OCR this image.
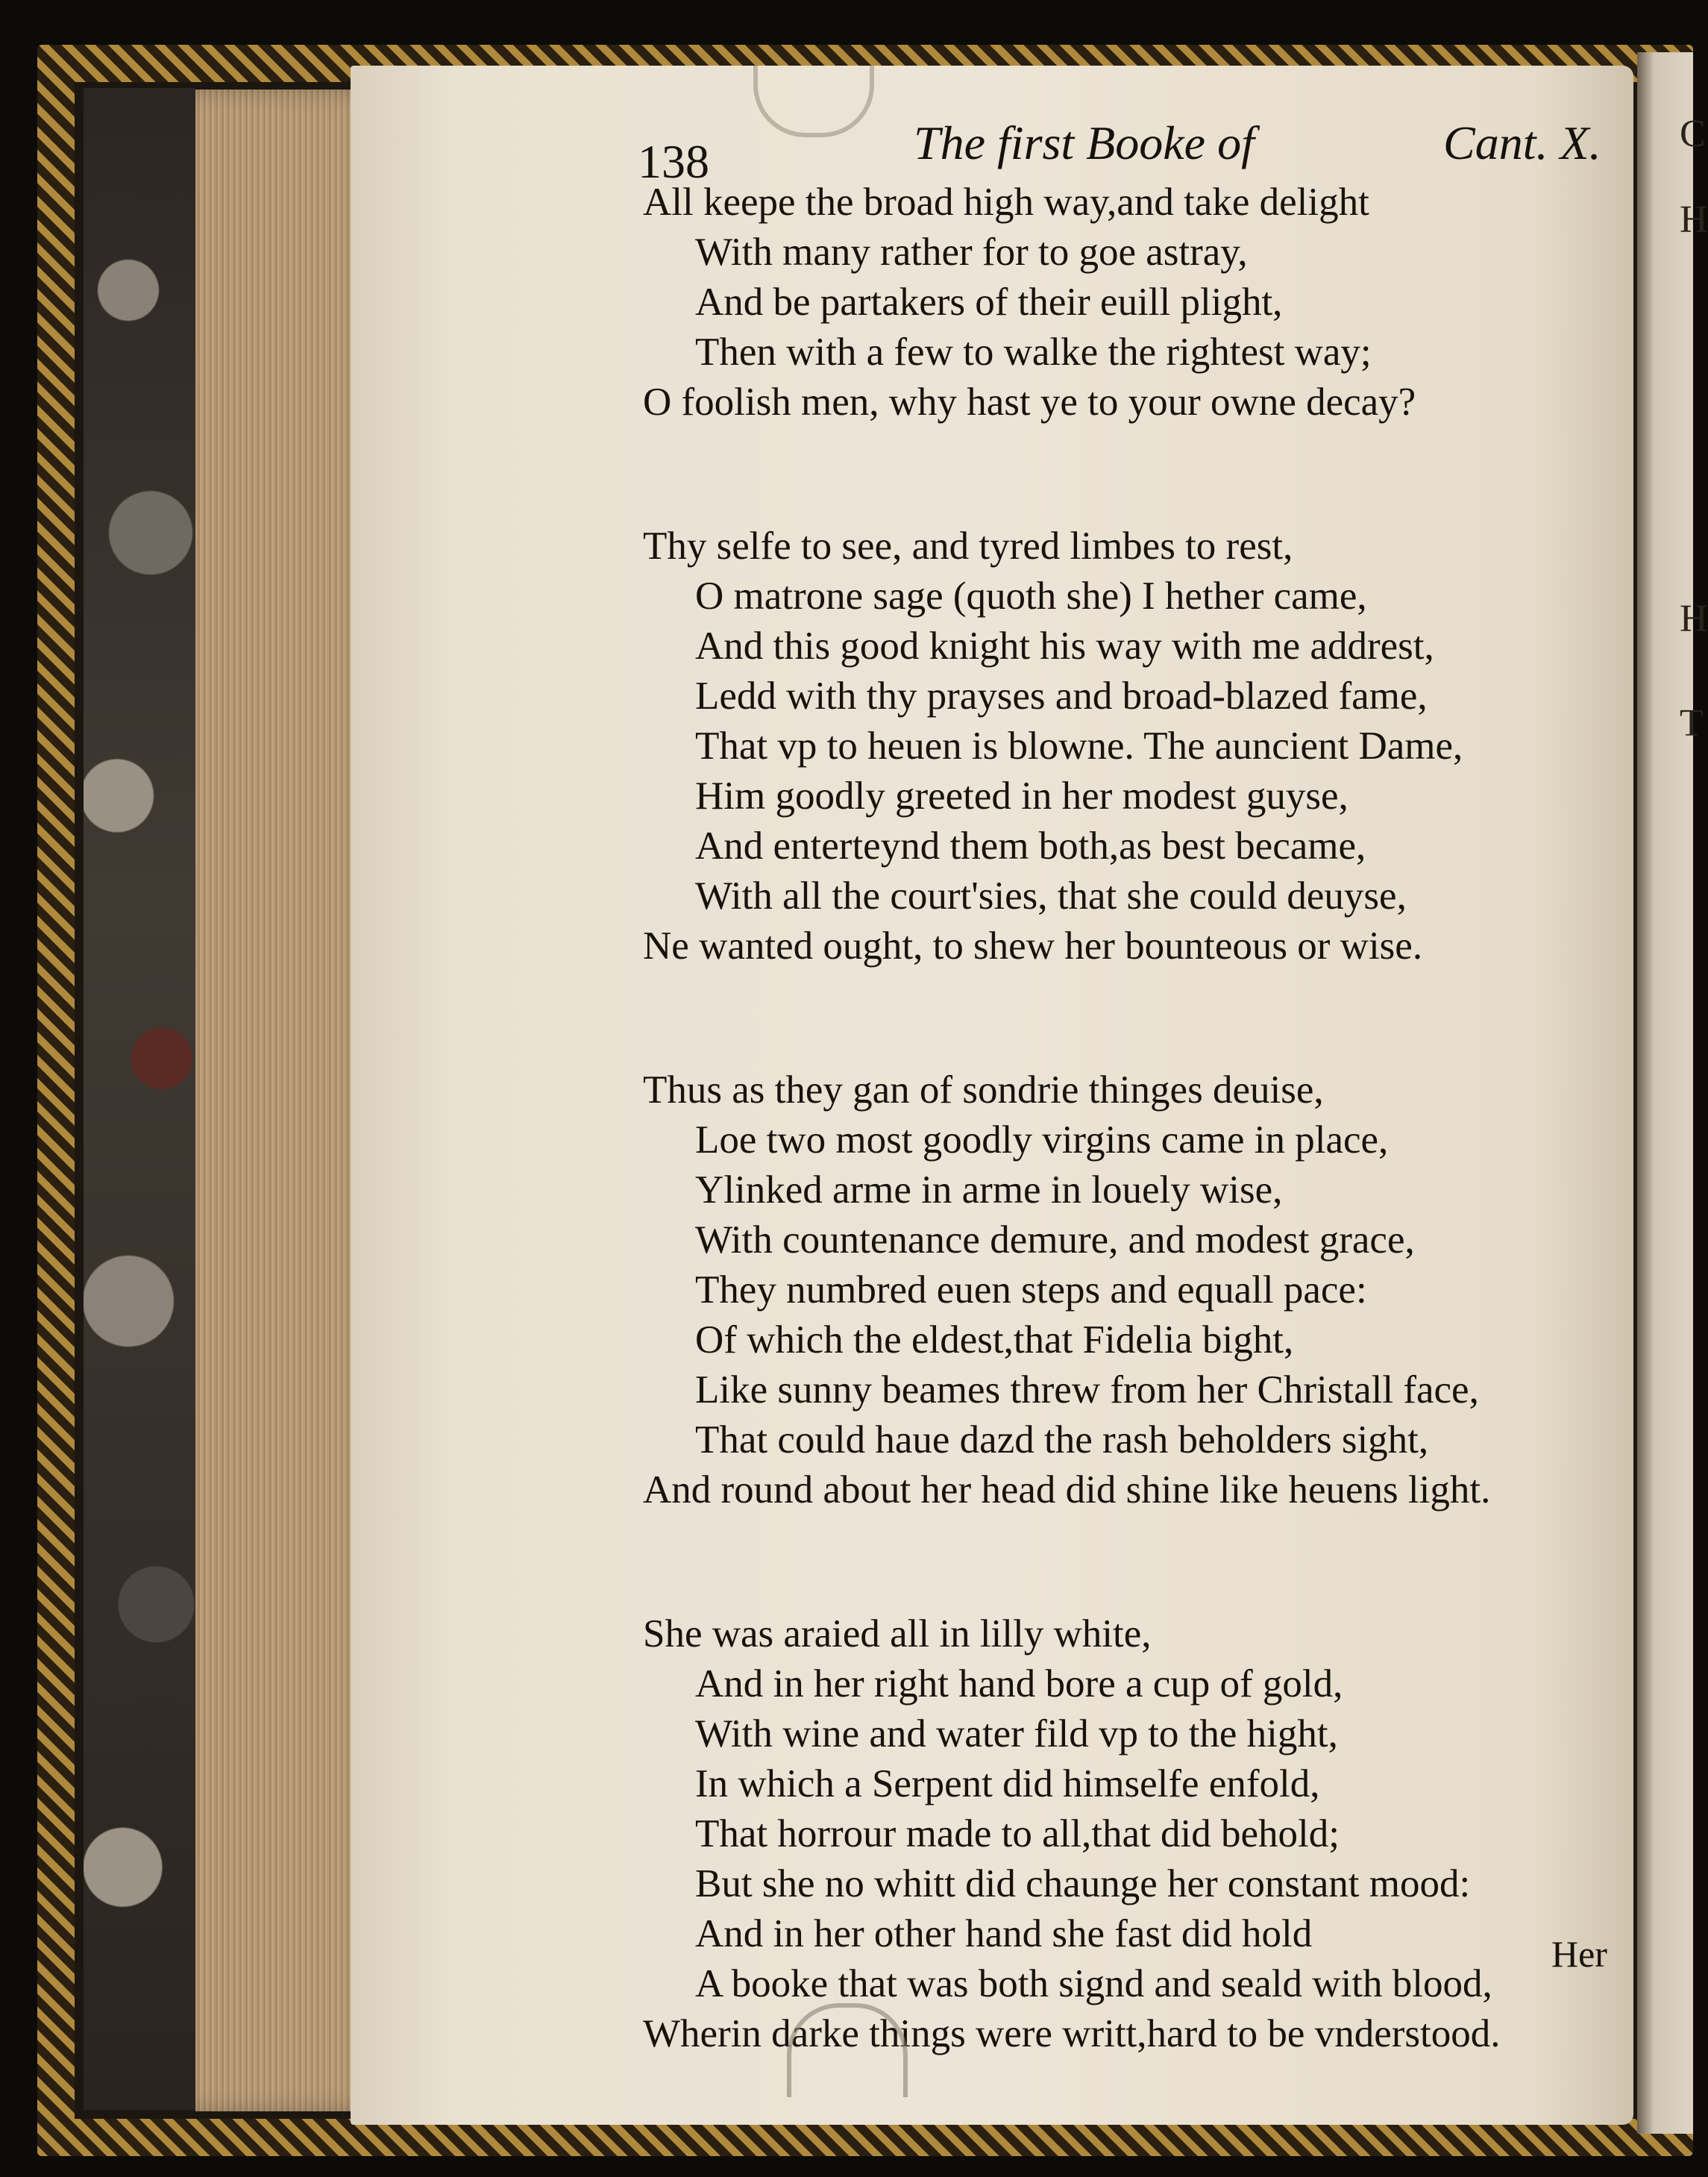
C
H
H
T
138	The first Booke of	Cant. X.
All keepe the broad high way,and take delight
With many rather for to goe astray,
And be partakers of their euill plight,
Then with a few to walke the rightest way;
O foolish men, why hast ye to your owne decay?
Thy selfe to see, and tyred limbes to rest,
O matrone sage (quoth she) I hether came,
And this good knight his way with me addrest,
Ledd with thy prayses and broad-blazed fame,
That vp to heuen is blowne. The auncient Dame,
Him goodly greeted in her modest guyse,
And enterteynd them both,as best became,
With all the court'sies, that she could deuyse,
Ne wanted ought, to shew her bounteous or wise.
Thus as they gan of sondrie thinges deuise,
Loe two most goodly virgins came in place,
Ylinked arme in arme in louely wise,
With countenance demure, and modest grace,
They numbred euen steps and equall pace:
Of which the eldest,that Fidelia bight,
Like sunny beames threw from her Christall face,
That could haue dazd the rash beholders sight,
And round about her head did shine like heuens light.
She was araied all in lilly white,
And in her right hand bore a cup of gold,
With wine and water fild vp to the hight,
In which a Serpent did himselfe enfold,
That horrour made to all,that did behold;
But she no whitt did chaunge her constant mood:
And in her other hand she fast did hold
A booke that was both signd and seald with blood,
Wherin darke things were writt,hard to be vnderstood.
Her
